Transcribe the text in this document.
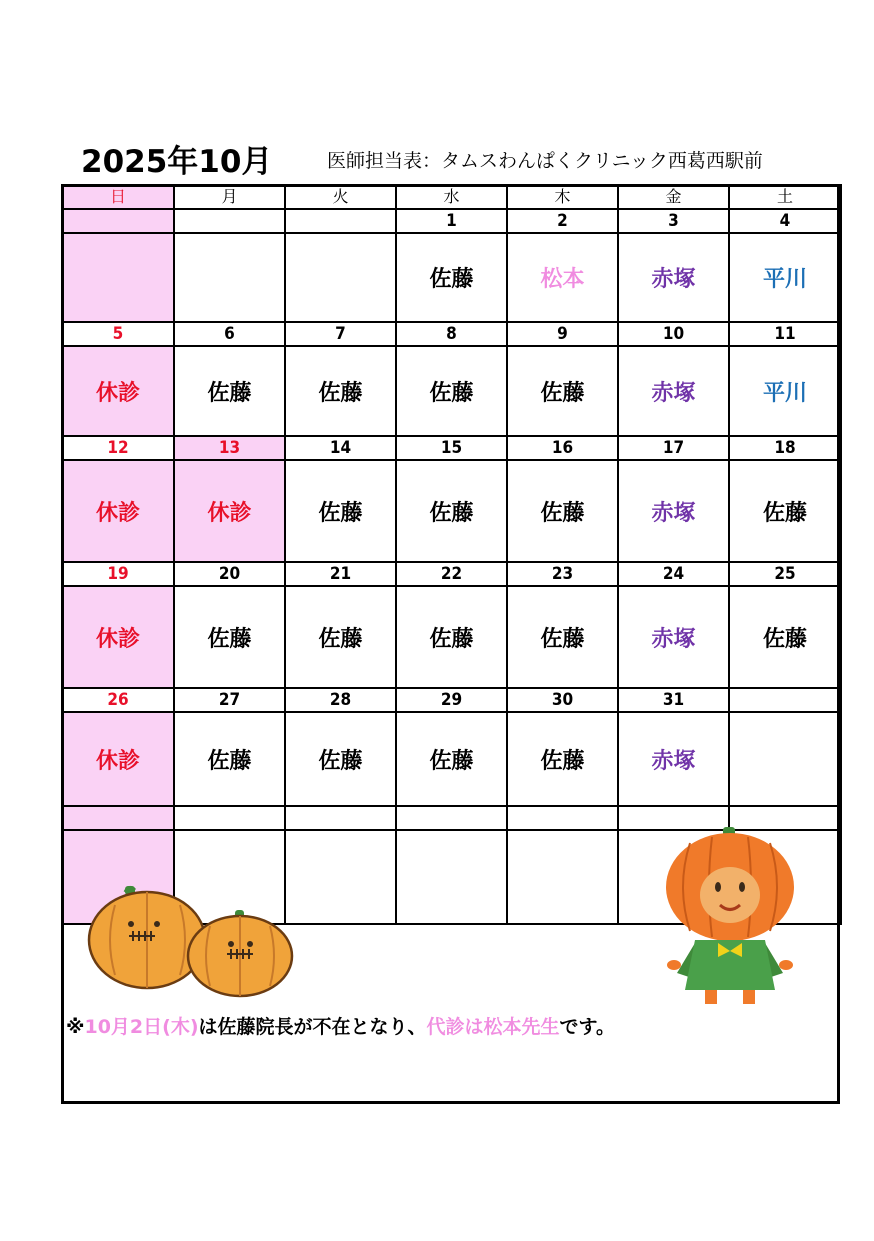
2025年10月	医師担当表：タムスわんぱくクリニック西葛西駅前
日	月	火	水	木	金	土
			1	2	3	4
			佐藤	松本	赤塚	平川
5	6	7	8	9	10	11
休診	佐藤	佐藤	佐藤	佐藤	赤塚	平川
12	13	14	15	16	17	18
休診	休診	佐藤	佐藤	佐藤	赤塚	佐藤
19	20	21	22	23	24	25
休診	佐藤	佐藤	佐藤	佐藤	赤塚	佐藤
26	27	28	29	30	31	
休診	佐藤	佐藤	佐藤	佐藤	赤塚	

※10月2日(木)は佐藤院長が不在となり、代診は松本先生です。
